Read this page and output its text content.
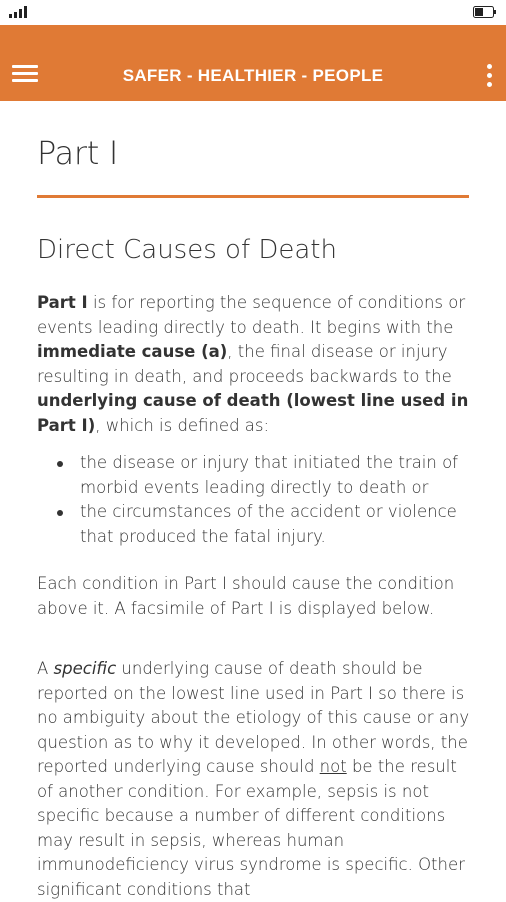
SAFER - HEALTHIER - PEOPLE
Part I
Direct Causes of Death
Part I is for reporting the sequence of conditions or events leading directly to death. It begins with the immediate cause (a), the final disease or injury resulting in death, and proceeds backwards to the underlying cause of death (lowest line used in Part I), which is defined as:
the disease or injury that initiated the train of morbid events leading directly to death or
the circumstances of the accident or violence that produced the fatal injury.
Each condition in Part I should cause the condition above it. A facsimile of Part I is displayed below.
A specific underlying cause of death should be reported on the lowest line used in Part I so there is no ambiguity about the etiology of this cause or any question as to why it developed. In other words, the reported underlying cause should not be the result of another condition. For example, sepsis is not specific because a number of different conditions may result in sepsis, whereas human immunodeficiency virus syndrome is specific. Other significant conditions that
